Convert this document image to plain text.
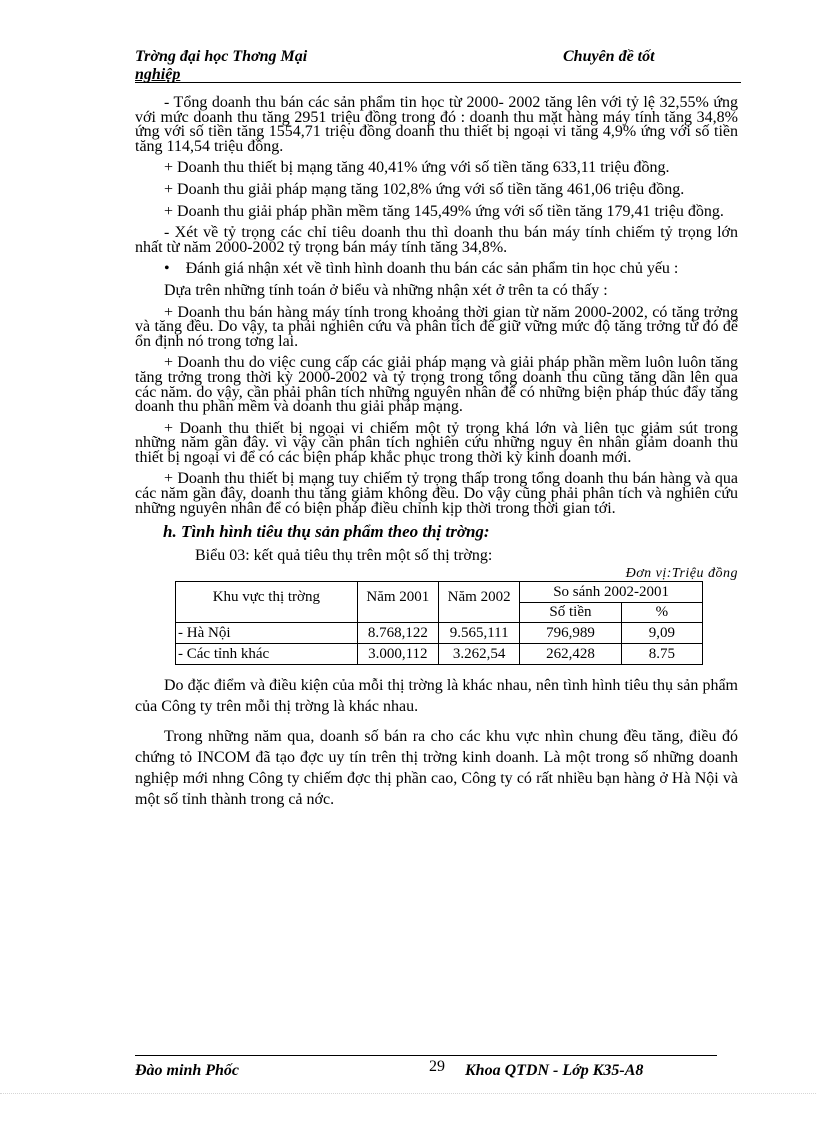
Trờng đại học Thơng Mại
nghiệp
Chuyên đề tốt

- Tổng doanh thu bán các sản phẩm tin học từ 2000- 2002 tăng lên với tỷ lệ 32,55% ứng với mức doanh thu tăng 2951 triệu đồng trong đó : doanh thu mặt hàng máy tính tăng 34,8% ứng với số tiền tăng 1554,71 triệu đồng doanh thu thiết bị ngoại vi tăng 4,9% ứng với số tiền tăng 114,54 triệu đồng.

+ Doanh thu thiết bị mạng tăng 40,41% ứng với số tiền tăng 633,11 triệu đồng.

+ Doanh thu giải pháp mạng tăng 102,8% ứng với số tiền tăng 461,06 triệu đồng.

+ Doanh thu giải pháp phần mềm tăng 145,49% ứng với số tiền tăng 179,41 triệu đồng.

- Xét về tỷ trọng các chỉ tiêu doanh thu thì doanh thu bán máy tính chiếm tỷ trọng lớn nhất từ năm 2000-2002 tỷ trọng bán máy tính tăng 34,8%.

• Đánh giá nhận xét về tình hình doanh thu bán các sản phẩm tin học chủ yếu :

Dựa trên những tính toán ở biểu và những nhận xét ở trên ta có thấy :

+ Doanh thu bán hàng máy tính trong khoảng thời gian từ năm 2000-2002, có tăng trởng và tăng đều. Do vậy, ta phải nghiên cứu và phân tích để giữ vững mức độ tăng trởng từ đó để ổn định nó trong tơng lai.

+ Doanh thu do việc cung cấp các giải pháp mạng và giải pháp phần mềm luôn luôn tăng tăng trởng trong thời kỳ 2000-2002 và tỷ trọng trong tổng doanh thu cũng tăng dần lên qua các năm. do vậy, cần phải phân tích những nguyên nhân để có những biện pháp thúc đẩy tăng doanh thu phần mềm và doanh thu giải pháp mạng.

+ Doanh thu thiết bị ngoại vi chiếm một tỷ trọng khá lớn và liên tục giảm sút trong những năm gần đây. vì vậy cần phân tích nghiên cứu những nguy ên nhân giảm doanh thu thiết bị ngoại vi để có các biện pháp khắc phục trong thời kỳ kinh doanh mới.

+ Doanh thu thiết bị mạng tuy chiếm tỷ trọng thấp trong tổng doanh thu bán hàng và qua các năm gần đây, doanh thu tăng giảm không đều. Do vậy cũng phải phân tích và nghiên cứu những nguyên nhân để có biện pháp điều chỉnh kịp thời trong thời gian tới.

h. Tình hình tiêu thụ sản phẩm theo thị trờng:
Biểu 03: kết quả tiêu thụ trên một số thị trờng:
Đơn vị:Triệu đồng
Khu vực thị trờng	Năm 2001	Năm 2002	So sánh 2002-2001	
			Số tiền	%
- Hà Nội	8.768,122	9.565,111	796,989	9,09
- Các tỉnh khác	3.000,112	3.262,54	262,428	8.75

Do đặc điểm và điều kiện của mỗi thị trờng là khác nhau, nên tình hình tiêu thụ sản phẩm của Công ty trên mỗi thị trờng là khác nhau.

Trong những năm qua, doanh số bán ra cho các khu vực nhìn chung đều tăng, điều đó chứng tỏ INCOM đã tạo đợc uy tín trên thị trờng kinh doanh. Là một trong số những doanh nghiệp mới nhng Công ty chiếm đợc thị phần cao, Công ty có rất nhiều bạn hàng ở Hà Nội và một số tỉnh thành trong cả nớc.

Đào minh Phốc	29 Khoa QTDN - Lớp K35-A8
